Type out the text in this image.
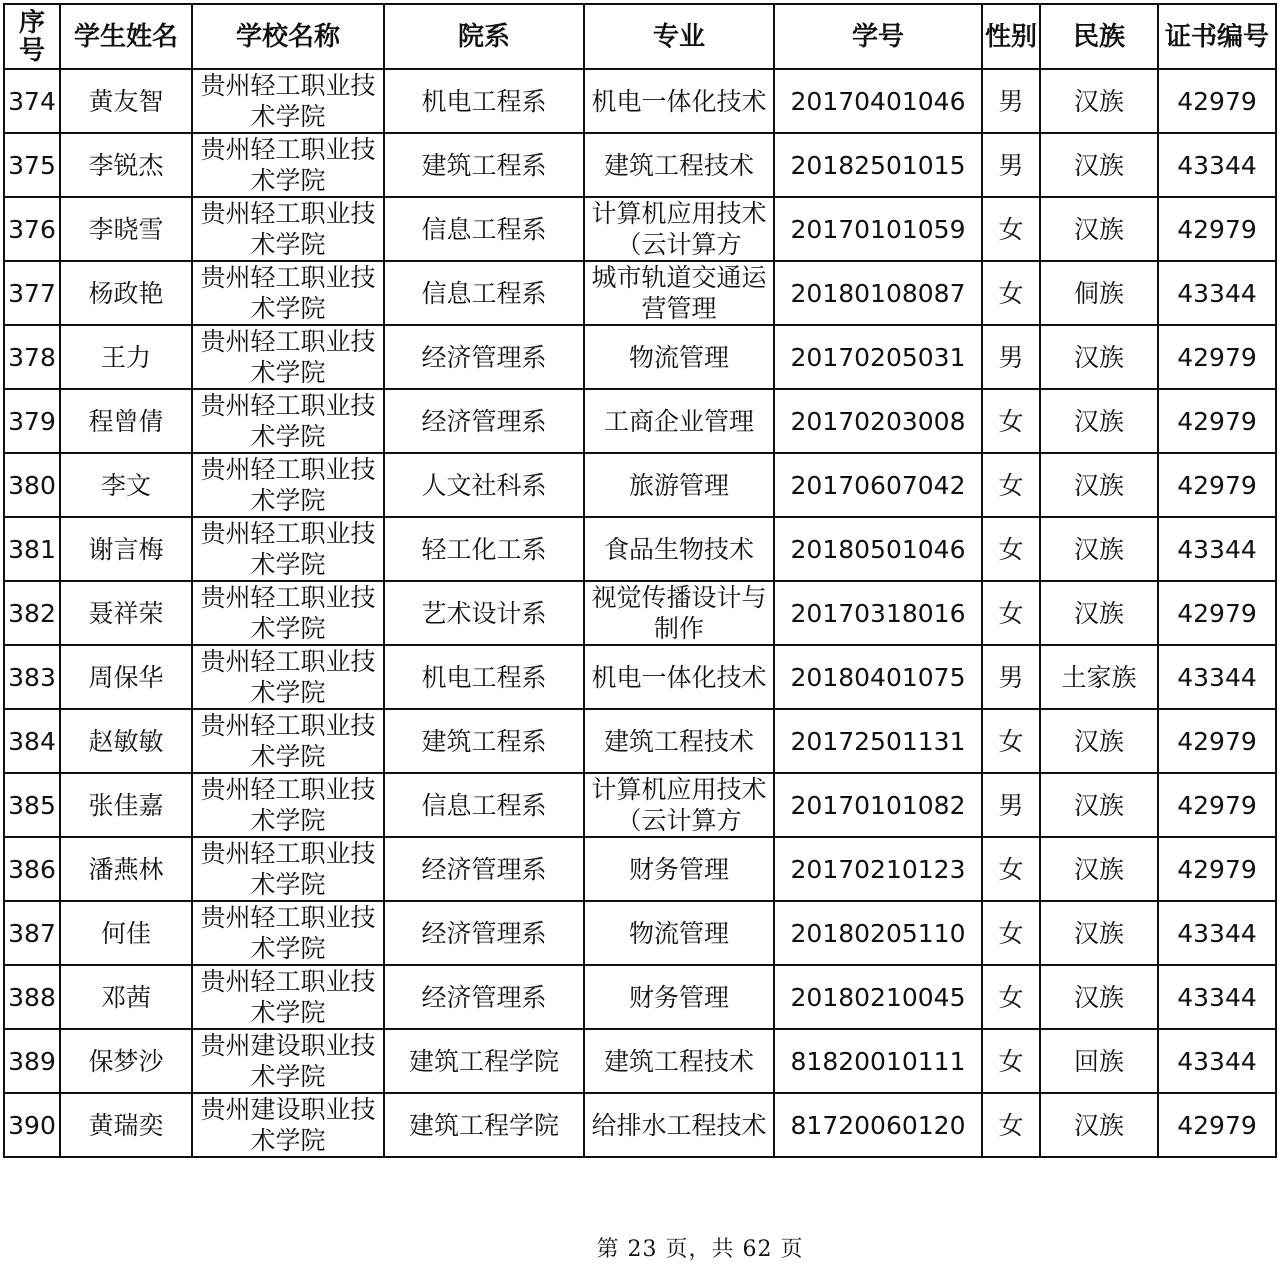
序号	学生姓名	学校名称	院系	专业	学号	性别	民族	证书编号

374	黄友智	贵州轻工职业技术学院	机电工程系	机电一体化技术	20170401046	男	汉族	42979
375	李锐杰	贵州轻工职业技术学院	建筑工程系	建筑工程技术	20182501015	男	汉族	43344
376	李晓雪	贵州轻工职业技术学院	信息工程系	计算机应用技术（云计算方	20170101059	女	汉族	42979
377	杨政艳	贵州轻工职业技术学院	信息工程系	城市轨道交通运营管理	20180108087	女	侗族	43344
378	王力	贵州轻工职业技术学院	经济管理系	物流管理	20170205031	男	汉族	42979
379	程曾倩	贵州轻工职业技术学院	经济管理系	工商企业管理	20170203008	女	汉族	42979
380	李文	贵州轻工职业技术学院	人文社科系	旅游管理	20170607042	女	汉族	42979
381	谢言梅	贵州轻工职业技术学院	轻工化工系	食品生物技术	20180501046	女	汉族	43344
382	聂祥荣	贵州轻工职业技术学院	艺术设计系	视觉传播设计与制作	20170318016	女	汉族	42979
383	周保华	贵州轻工职业技术学院	机电工程系	机电一体化技术	20180401075	男	土家族	43344
384	赵敏敏	贵州轻工职业技术学院	建筑工程系	建筑工程技术	20172501131	女	汉族	42979
385	张佳嘉	贵州轻工职业技术学院	信息工程系	计算机应用技术（云计算方	20170101082	男	汉族	42979
386	潘燕林	贵州轻工职业技术学院	经济管理系	财务管理	20170210123	女	汉族	42979
387	何佳	贵州轻工职业技术学院	经济管理系	物流管理	20180205110	女	汉族	43344
388	邓茜	贵州轻工职业技术学院	经济管理系	财务管理	20180210045	女	汉族	43344
389	保梦沙	贵州建设职业技术学院	建筑工程学院	建筑工程技术	81820010111	女	回族	43344
390	黄瑞奕	贵州建设职业技术学院	建筑工程学院	给排水工程技术	81720060120	女	汉族	42979
第 23 页，共 62 页
